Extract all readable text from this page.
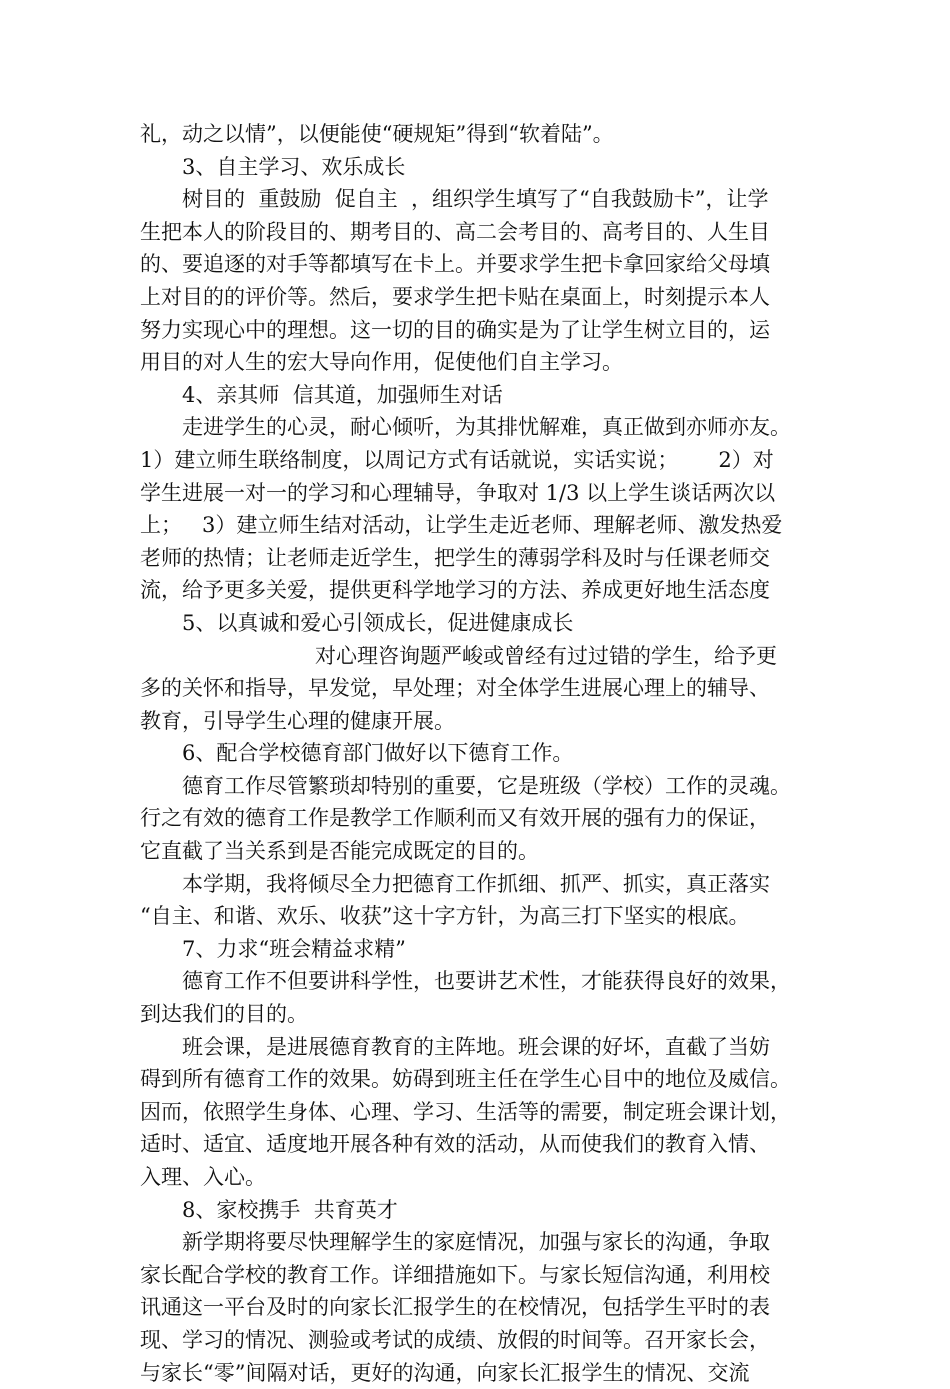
礼，动之以情”，以便能使“硬规矩”得到“软着陆”。
3、自主学习、欢乐成长
树目的  重鼓励  促自主  ，组织学生填写了“自我鼓励卡”，让学
生把本人的阶段目的、期考目的、高二会考目的、高考目的、人生目
的、要追逐的对手等都填写在卡上。并要求学生把卡拿回家给父母填
上对目的的评价等。然后，要求学生把卡贴在桌面上，时刻提示本人
努力实现心中的理想。这一切的目的确实是为了让学生树立目的，运
用目的对人生的宏大导向作用，促使他们自主学习。
4、亲其师  信其道，加强师生对话
走进学生的心灵，耐心倾听，为其排忧解难，真正做到亦师亦友。
1）建立师生联络制度，以周记方式有话就说，实话实说；      2）对
学生进展一对一的学习和心理辅导，争取对 1/3 以上学生谈话两次以
上；   3）建立师生结对活动，让学生走近老师、理解老师、激发热爱
老师的热情；让老师走近学生，把学生的薄弱学科及时与任课老师交
流，给予更多关爱，提供更科学地学习的方法、养成更好地生活态度
5、以真诚和爱心引领成长，促进健康成长
对心理咨询题严峻或曾经有过过错的学生，给予更
多的关怀和指导，早发觉，早处理；对全体学生进展心理上的辅导、
教育，引导学生心理的健康开展。
6、配合学校德育部门做好以下德育工作。
德育工作尽管繁琐却特别的重要，它是班级（学校）工作的灵魂。
行之有效的德育工作是教学工作顺利而又有效开展的强有力的保证，
它直截了当关系到是否能完成既定的目的。
本学期，我将倾尽全力把德育工作抓细、抓严、抓实，真正落实
“自主、和谐、欢乐、收获”这十字方针，为高三打下坚实的根底。
7、力求“班会精益求精”
德育工作不但要讲科学性，也要讲艺术性，才能获得良好的效果，
到达我们的目的。
班会课，是进展德育教育的主阵地。班会课的好坏，直截了当妨
碍到所有德育工作的效果。妨碍到班主任在学生心目中的地位及威信。
因而，依照学生身体、心理、学习、生活等的需要，制定班会课计划，
适时、适宜、适度地开展各种有效的活动，从而使我们的教育入情、
入理、入心。
8、家校携手  共育英才
新学期将要尽快理解学生的家庭情况，加强与家长的沟通，争取
家长配合学校的教育工作。详细措施如下。与家长短信沟通，利用校
讯通这一平台及时的向家长汇报学生的在校情况，包括学生平时的表
现、学习的情况、测验或考试的成绩、放假的时间等。召开家长会，
与家长“零”间隔对话，更好的沟通，向家长汇报学生的情况、交流
